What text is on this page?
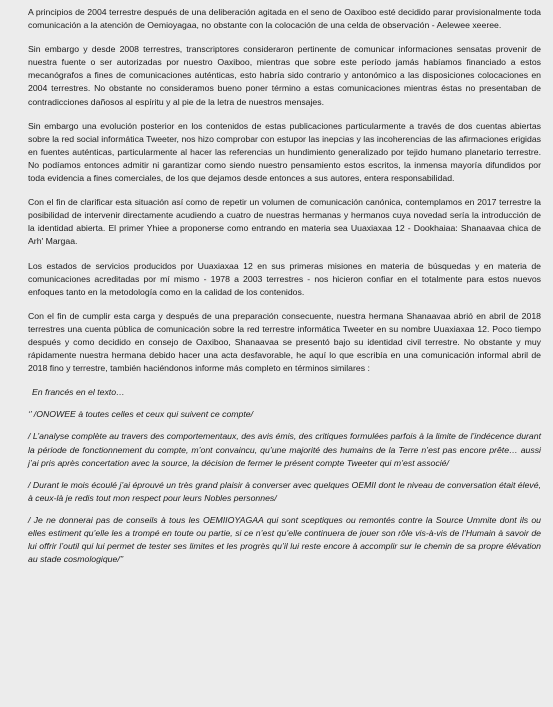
A principios de 2004 terrestre después de una deliberación agitada en el seno de Oaxiboo esté decidido parar provisionalmente toda comunicación a la atención de Oemioyagaa, no obstante con la colocación de una celda de observación - Aelewee xeeree.

Sin embargo y desde 2008 terrestres, transcriptores consideraron pertinente de comunicar informaciones sensatas provenir de nuestra fuente o ser autorizadas por nuestro Oaxiboo, mientras que sobre este período jamás habíamos financiado a estos mecanógrafos a fines de comunicaciones auténticas, esto habría sido contrario y antonómico a las disposiciones colocaciones en 2004 terrestres. No obstante no consideramos bueno poner término a estas comunicaciones mientras éstas no presentaban de contradicciones dañosos al espíritu y al pie de la letra de nuestros mensajes.

Sin embargo una evolución posterior en los contenidos de estas publicaciones particularmente a través de dos cuentas abiertas sobre la red social informática Tweeter, nos hizo comprobar con estupor las inepcias y las incoherencias de las afirmaciones erigidas en fuentes auténticas, particularmente al hacer las referencias un hundimiento generalizado por tejido humano planetario terrestre. No podíamos entonces admitir ni garantizar como siendo nuestro pensamiento estos escritos, la inmensa mayoría difundidos por toda evidencia a fines comerciales, de los que dejamos desde entonces a sus autores, entera responsabilidad.

Con el fin de clarificar esta situación así como de repetir un volumen de comunicación canónica, contemplamos en 2017 terrestre la posibilidad de intervenir directamente acudiendo a cuatro de nuestras hermanas y hermanos cuya novedad sería la introducción de la identidad abierta. El primer Yhiee a proponerse como entrando en materia sea Uuaxiaxaa 12 - Dookhaiaa: Shanaavaa chica de Arh' Margaa.

Los estados de servicios producidos por Uuaxiaxaa 12 en sus primeras misiones en materia de búsquedas y en materia de comunicaciones acreditadas por mí mismo - 1978 a 2003 terrestres - nos hicieron confiar en el totalmente para estos nuevos enfoques tanto en la metodología como en la calidad de los contenidos.

Con el fin de cumplir esta carga y después de una preparación consecuente, nuestra hermana Shanaavaa abrió en abril de 2018 terrestres una cuenta pública de comunicación sobre la red terrestre informática Tweeter en su nombre Uuaxiaxaa 12. Poco tiempo después y como decidido en consejo de Oaxiboo, Shanaavaa se presentó bajo su identidad civil terrestre. No obstante y muy rápidamente nuestra hermana debido hacer una acta desfavorable, he aquí lo que escribía en una comunicación informal abril de 2018 fino y terrestre, también haciéndonos informe más completo en términos similares :

En francés en el texto…

‘’ /ONOWEE à toutes celles et ceux qui suivent ce compte/

/ L’analyse complète au travers des comportementaux, des avis émis, des critiques formulées parfois à la limite de l’indécence durant la période de fonctionnement du compte, m’ont convaincu, qu’une majorité des humains de la Terre n’est pas encore prête… aussi j’ai pris après concertation avec la source, la décision de fermer le présent compte Tweeter qui m’est associé/

/ Durant le mois écoulé j’ai éprouvé un très grand plaisir à converser avec quelques OEMII dont le niveau de conversation était élevé, à ceux-là je redis tout mon respect pour leurs Nobles personnes/

/ Je ne donnerai pas de conseils à tous les OEMIIOYAGAA qui sont sceptiques ou remontés contre la Source Ummite dont ils ou elles estiment qu’elle les a trompé en toute ou partie, si ce n’est qu’elle continuera de jouer son rôle vis-à-vis de l’Humain à savoir de lui offrir l’outil qui lui permet de tester ses limites et les progrès qu’il lui reste encore à accomplir sur le chemin de sa propre élévation au stade cosmologique/’’
